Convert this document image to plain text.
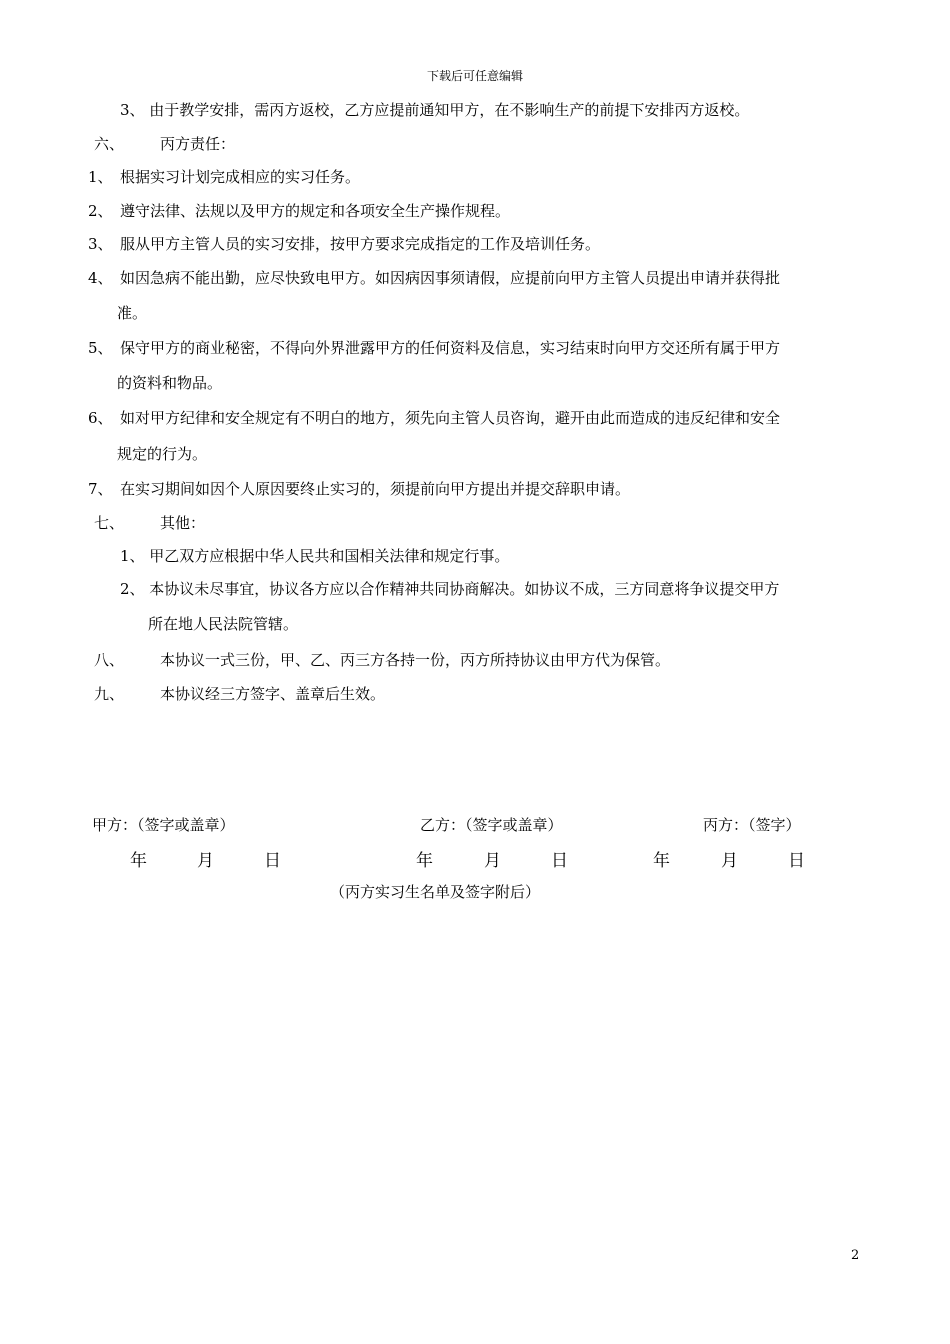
下载后可任意编辑
3、 由于教学安排，需丙方返校，乙方应提前通知甲方，在不影响生产的前提下安排丙方返校。
六、 丙方责任：
1、 根据实习计划完成相应的实习任务。
2、 遵守法律、法规以及甲方的规定和各项安全生产操作规程。
3、 服从甲方主管人员的实习安排，按甲方要求完成指定的工作及培训任务。
4、 如因急病不能出勤，应尽快致电甲方。如因病因事须请假，应提前向甲方主管人员提出申请并获得批
准。
5、 保守甲方的商业秘密，不得向外界泄露甲方的任何资料及信息，实习结束时向甲方交还所有属于甲方
的资料和物品。
6、 如对甲方纪律和安全规定有不明白的地方，须先向主管人员咨询，避开由此而造成的违反纪律和安全
规定的行为。
7、 在实习期间如因个人原因要终止实习的，须提前向甲方提出并提交辞职申请。
七、 其他：
1、 甲乙双方应根据中华人民共和国相关法律和规定行事。
2、 本协议未尽事宜，协议各方应以合作精神共同协商解决。如协议不成，三方同意将争议提交甲方
所在地人民法院管辖。
八、 本协议一式三份，甲、乙、丙三方各持一份，丙方所持协议由甲方代为保管。
九、 本协议经三方签字、盖章后生效。
甲方：（签字或盖章）	乙方：（签字或盖章）	丙方：（签字）
年	月	日	年	月	日	年	月	日
（丙方实习生名单及签字附后）
2
